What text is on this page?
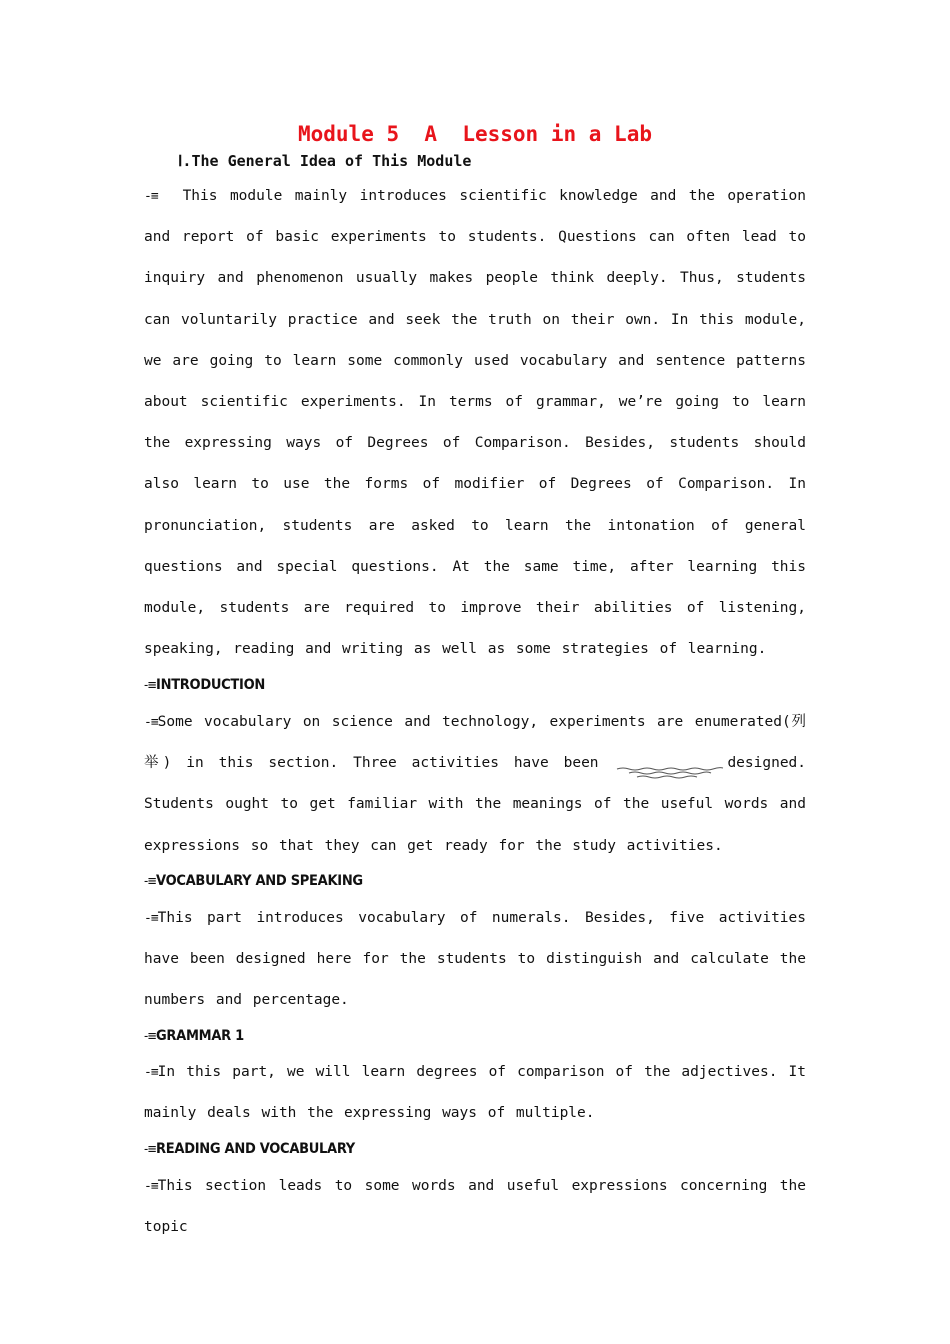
Module 5  A  Lesson in a Lab
Ⅰ.The General Idea of This Module

-≡ This module mainly introduces scientific knowledge and the operation and report of basic experiments to students. Questions can often lead to inquiry and phenomenon usually makes people think deeply. Thus, students can voluntarily practice and seek the truth on their own. In this module, we are going to learn some commonly used vocabulary and sentence patterns about scientific experiments. In terms of grammar, we’re going to learn the expressing ways of Degrees of Comparison. Besides, students should also learn to use the forms of modifier of Degrees of Comparison. In pronunciation, students are asked to learn the intonation of general questions and special questions. At the same time, after learning this module, students are required to improve their abilities of listening, speaking, reading and writing as well as some strategies of learning.

-≡INTRODUCTION

-≡Some vocabulary on science and technology, experiments are enumerated(列举) in this section. Three activities have been	designed. Students ought to get familiar with the meanings of the useful words and expressions so that they can get ready for the study activities.

-≡VOCABULARY AND SPEAKING

-≡This part introduces vocabulary of numerals. Besides, five activities have been designed here for the students to distinguish and calculate the numbers and percentage.

-≡GRAMMAR 1

-≡In this part, we will learn degrees of comparison of the adjectives. It mainly deals with the expressing ways of multiple.

-≡READING AND VOCABULARY

-≡This section leads to some words and useful expressions concerning the topic
